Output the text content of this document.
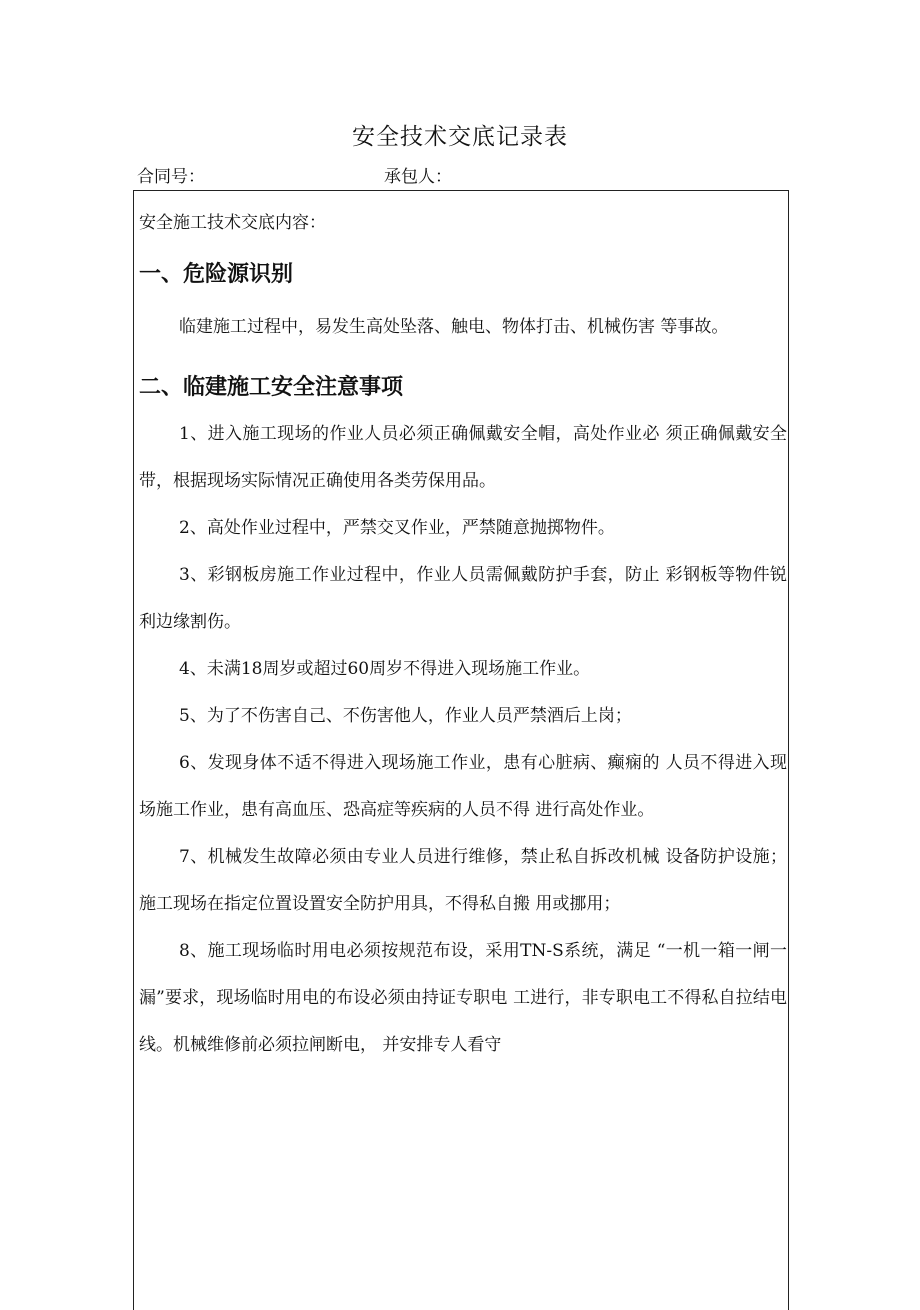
安全技术交底记录表
合同号：	承包人：

安全施工技术交底内容：

一、危险源识别

临建施工过程中，易发生高处坠落、触电、物体打击、机械伤害 等事故。

二、临建施工安全注意事项

1、进入施工现场的作业人员必须正确佩戴安全帽，高处作业必 须正确佩戴安全带，根据现场实际情况正确使用各类劳保用品。

2、高处作业过程中，严禁交叉作业，严禁随意抛掷物件。

3、彩钢板房施工作业过程中，作业人员需佩戴防护手套，防止 彩钢板等物件锐利边缘割伤。

4、未满18周岁或超过60周岁不得进入现场施工作业。

5、为了不伤害自己、不伤害他人，作业人员严禁酒后上岗；

6、发现身体不适不得进入现场施工作业，患有心脏病、癫痫的 人员不得进入现场施工作业，患有高血压、恐高症等疾病的人员不得 进行高处作业。

7、机械发生故障必须由专业人员进行维修，禁止私自拆改机械 设备防护设施；施工现场在指定位置设置安全防护用具，不得私自搬 用或挪用；

8、施工现场临时用电必须按规范布设，采用TN-S系统，满足 “一机一箱一闸一漏”要求，现场临时用电的布设必须由持证专职电 工进行，非专职电工不得私自拉结电线。机械维修前必须拉闸断电， 并安排专人看守
